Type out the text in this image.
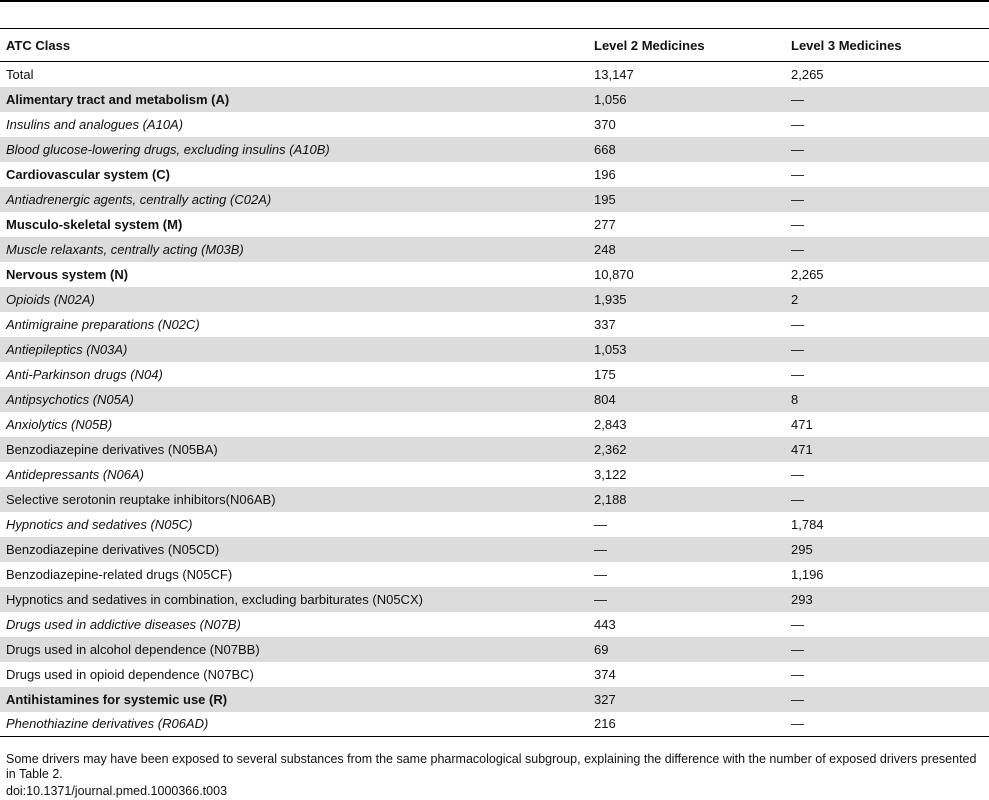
ATC Class	Level 2 Medicines	Level 3 Medicines
Total	13,147	2,265
Alimentary tract and metabolism (A)	1,056	—
Insulins and analogues (A10A)	370	—
Blood glucose-lowering drugs, excluding insulins (A10B)	668	—
Cardiovascular system (C)	196	—
Antiadrenergic agents, centrally acting (C02A)	195	—
Musculo-skeletal system (M)	277	—
Muscle relaxants, centrally acting (M03B)	248	—
Nervous system (N)	10,870	2,265
Opioids (N02A)	1,935	2
Antimigraine preparations (N02C)	337	—
Antiepileptics (N03A)	1,053	—
Anti-Parkinson drugs (N04)	175	—
Antipsychotics (N05A)	804	8
Anxiolytics (N05B)	2,843	471
Benzodiazepine derivatives (N05BA)	2,362	471
Antidepressants (N06A)	3,122	—
Selective serotonin reuptake inhibitors(N06AB)	2,188	—
Hypnotics and sedatives (N05C)	—	1,784
Benzodiazepine derivatives (N05CD)	—	295
Benzodiazepine-related drugs (N05CF)	—	1,196
Hypnotics and sedatives in combination, excluding barbiturates (N05CX)	—	293
Drugs used in addictive diseases (N07B)	443	—
Drugs used in alcohol dependence (N07BB)	69	—
Drugs used in opioid dependence (N07BC)	374	—
Antihistamines for systemic use (R)	327	—
Phenothiazine derivatives (R06AD)	216	—
Some drivers may have been exposed to several substances from the same pharmacological subgroup, explaining the difference with the number of exposed drivers presented in Table 2.
doi:10.1371/journal.pmed.1000366.t003
